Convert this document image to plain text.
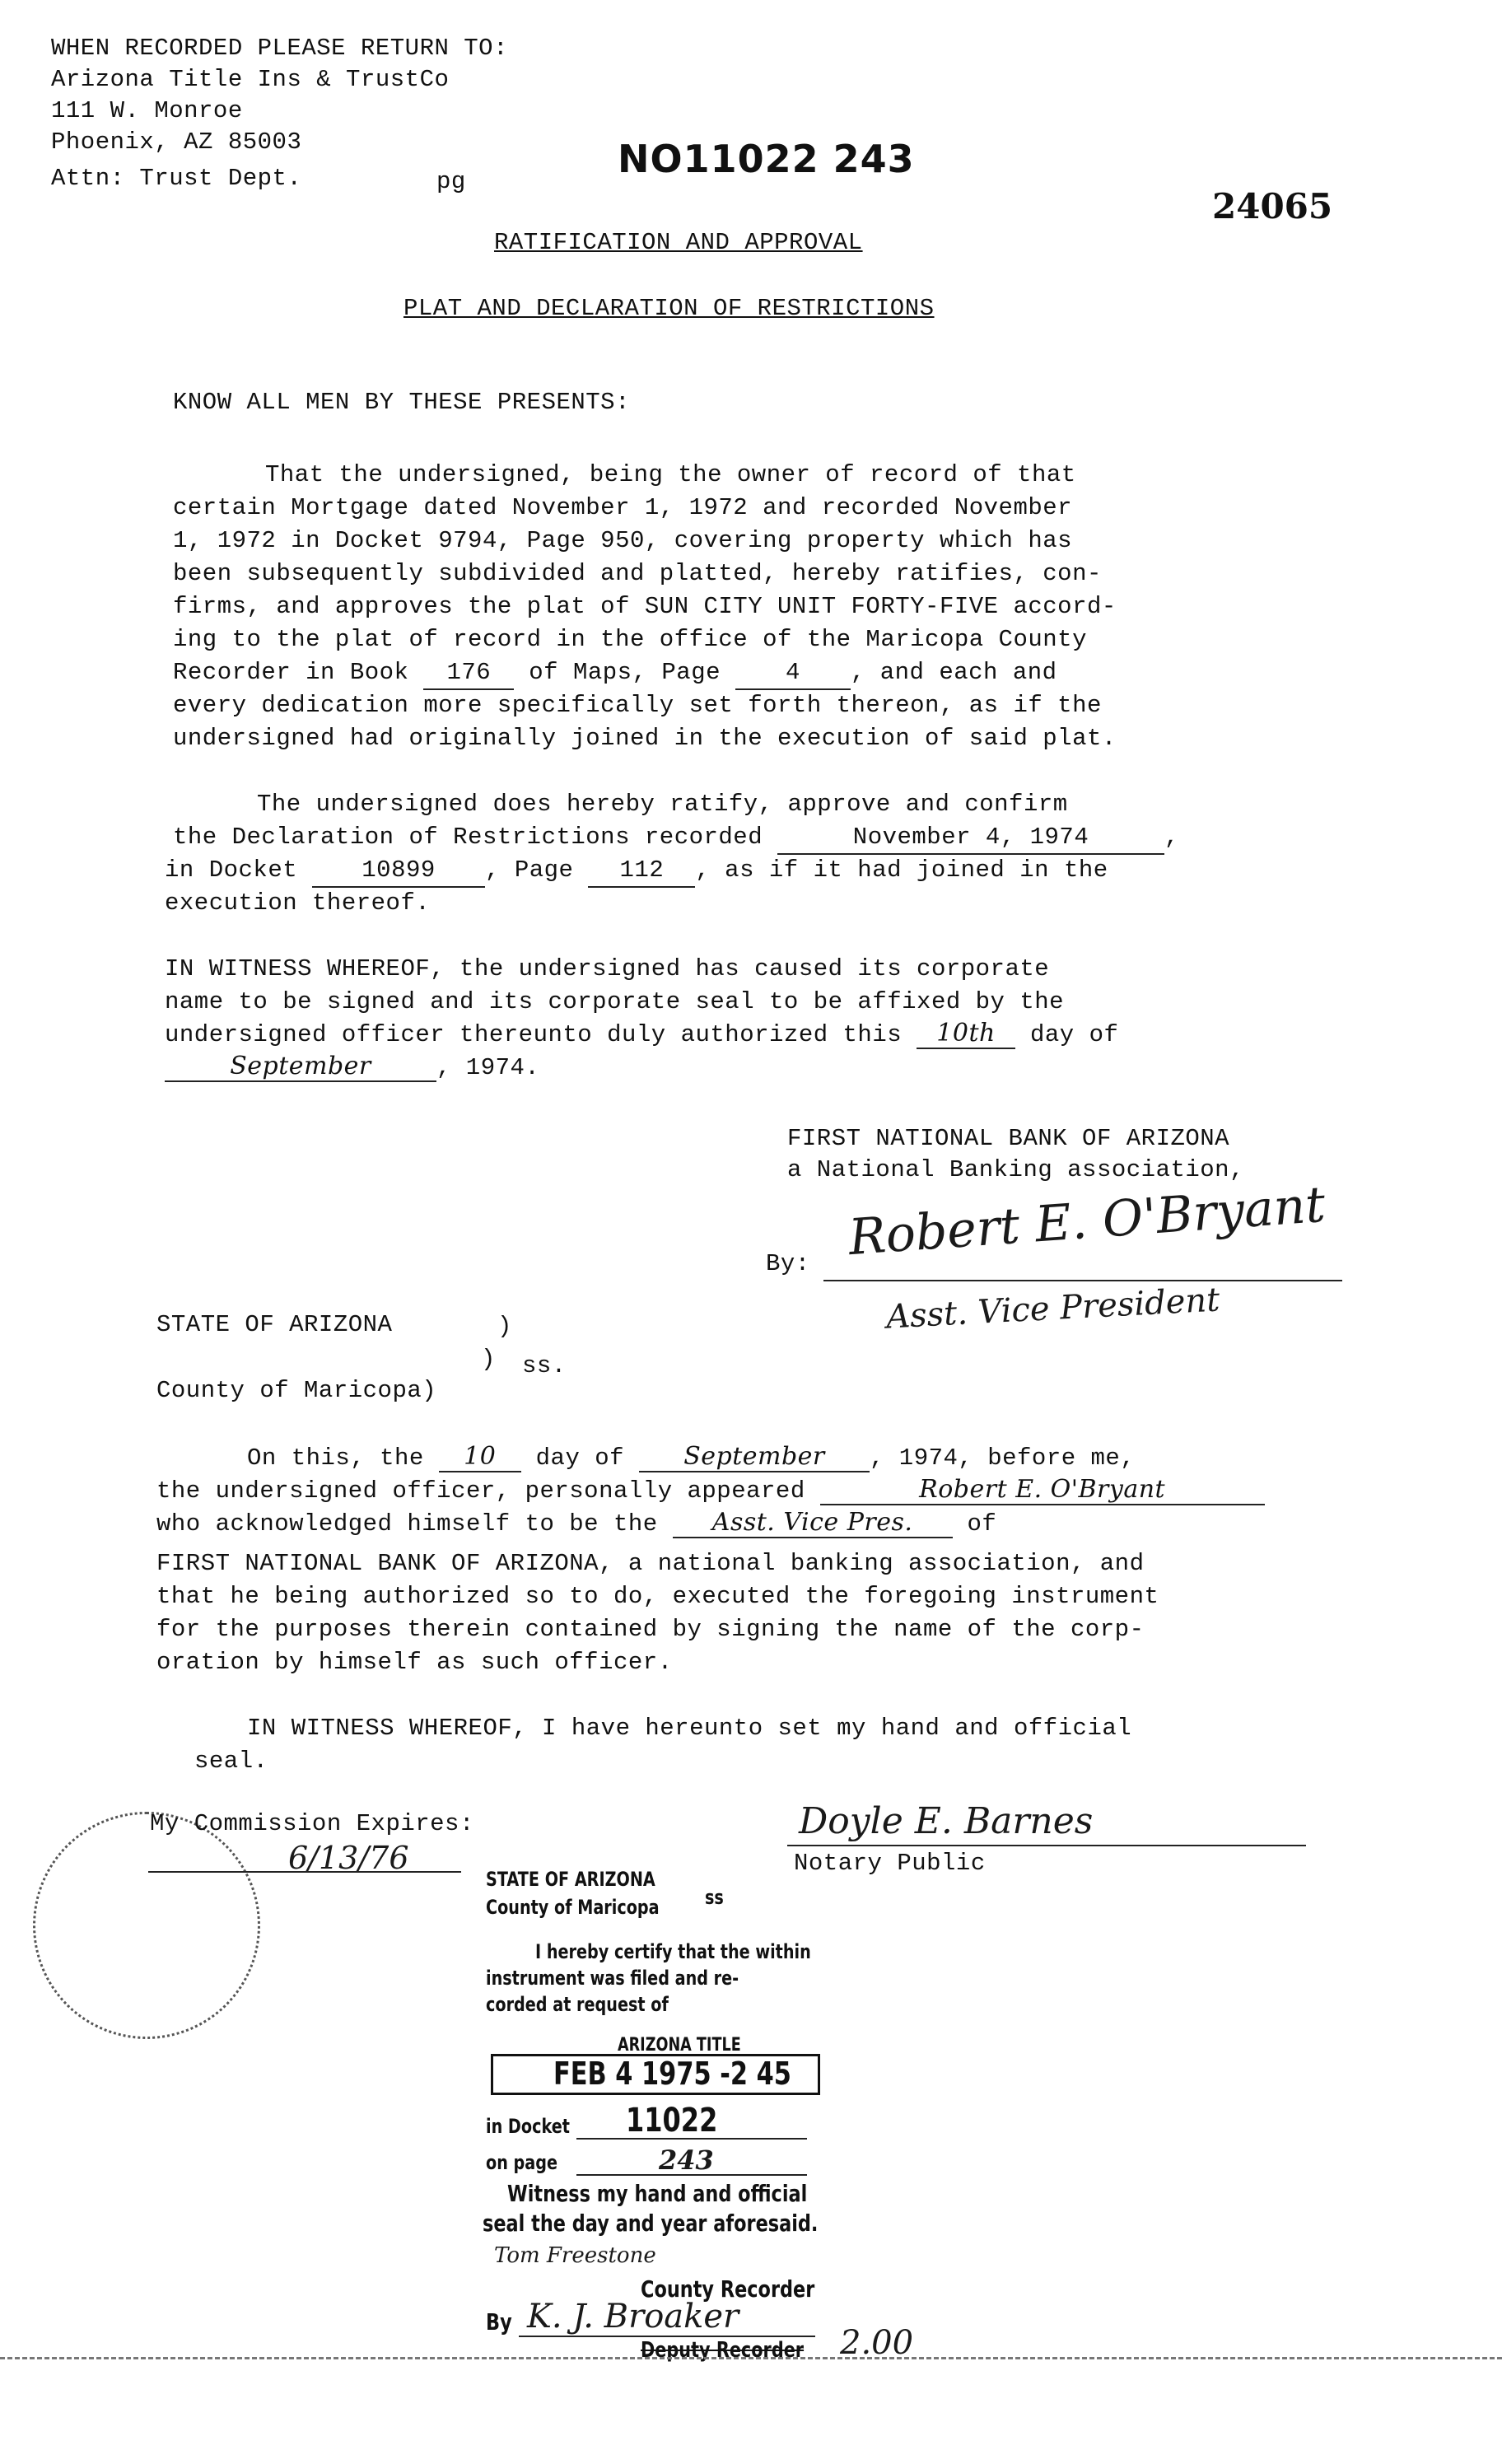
WHEN RECORDED PLEASE RETURN TO:
Arizona Title Ins & TrustCo
111 W. Monroe
Phoenix, AZ 85003
Attn: Trust Dept.	pg
NO11022 243
24065
RATIFICATION AND APPROVAL
PLAT AND DECLARATION OF RESTRICTIONS
KNOW ALL MEN BY THESE PRESENTS:
That the undersigned, being the owner of record of that
certain Mortgage dated November 1, 1972 and recorded November
1, 1972 in Docket 9794, Page 950, covering property which has
been subsequently subdivided and platted, hereby ratifies, con-
firms, and approves the plat of SUN CITY UNIT FORTY-FIVE accord-
ing to the plat of record in the office of the Maricopa County
Recorder in Book 176 of Maps, Page	4 , and each and
every dedication more specifically set forth thereon, as if the
undersigned had originally joined in the execution of said plat.
The undersigned does hereby ratify, approve and confirm
the Declaration of Restrictions recorded	November 4, 1974	,
in Docket	10899 , Page 112 , as if it had joined in the
execution thereof.
IN WITNESS WHEREOF, the undersigned has caused its corporate
name to be signed and its corporate seal to be affixed by the
undersigned officer thereunto duly authorized this 10th day of
September	, 1974.
FIRST NATIONAL BANK OF ARIZONA
a National Banking association,
By: Robert E. O'Bryant
Asst. Vice President
STATE OF ARIZONA	)
) ss.
County of Maricopa)
On this, the 10 day of September , 1974, before me,
the undersigned officer, personally appeared	Robert E. O'Bryant
who acknowledged himself to be the Asst. Vice Pres. of
FIRST NATIONAL BANK OF ARIZONA, a national banking association, and
that he being authorized so to do, executed the foregoing instrument
for the purposes therein contained by signing the name of the corp-
oration by himself as such officer.
IN WITNESS WHEREOF, I have hereunto set my hand and official
seal.
My Commission Expires:
6/13/76
Doyle E. Barnes
Notary Public
STATE OF ARIZONA
County of Maricopa ss
I hereby certify that the within
instrument was filed and re-
corded at request of
ARIZONA TITLE
FEB 4 1975 -2 45
in Docket 11022
on page	243
Witness my hand and official
seal the day and year aforesaid.
Tom Freestone
County Recorder
By K. J. Broaker
Deputy Recorder 2.00
